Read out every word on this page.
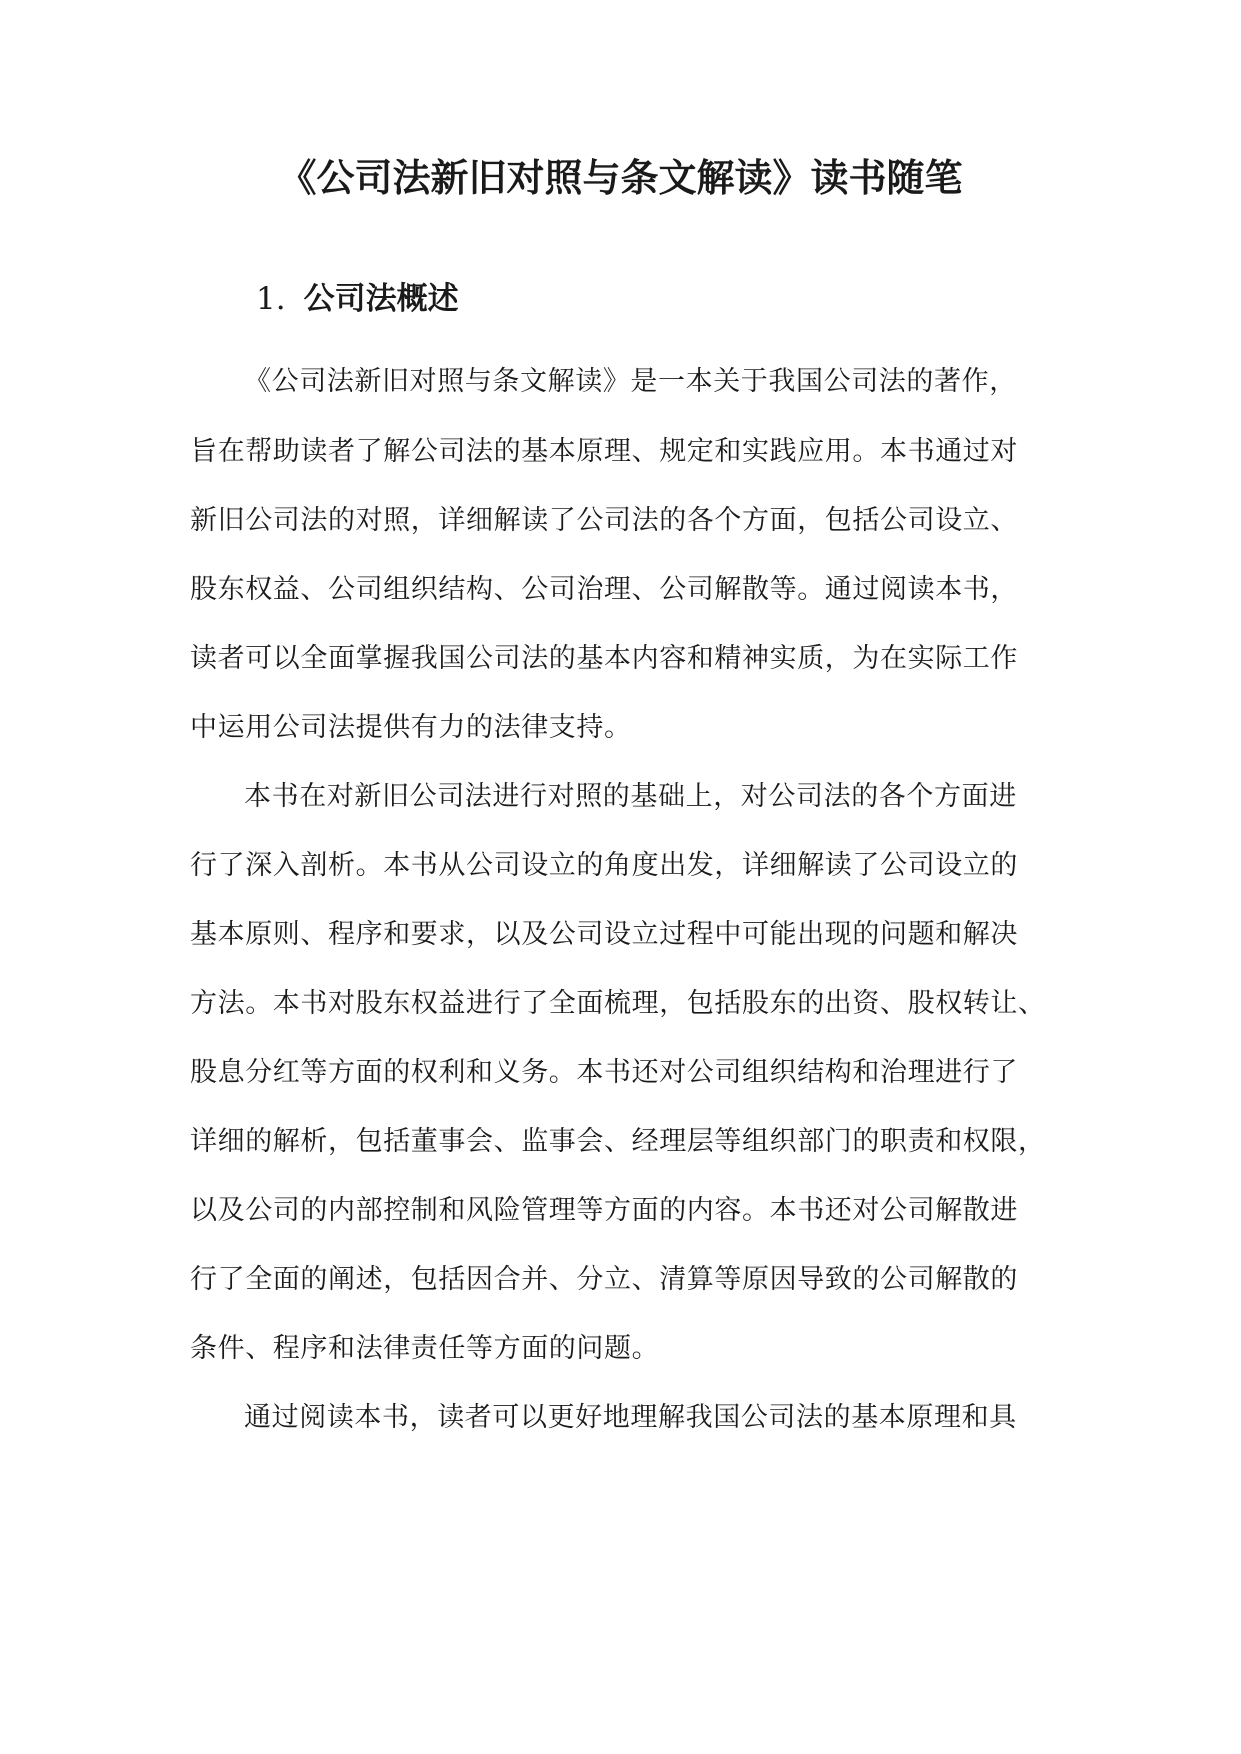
《公司法新旧对照与条文解读》读书随笔
1. 公司法概述

《公司法新旧对照与条文解读》是一本关于我国公司法的著作，

旨在帮助读者了解公司法的基本原理、规定和实践应用。本书通过对

新旧公司法的对照，详细解读了公司法的各个方面，包括公司设立、

股东权益、公司组织结构、公司治理、公司解散等。通过阅读本书，

读者可以全面掌握我国公司法的基本内容和精神实质，为在实际工作

中运用公司法提供有力的法律支持。

本书在对新旧公司法进行对照的基础上，对公司法的各个方面进

行了深入剖析。本书从公司设立的角度出发，详细解读了公司设立的

基本原则、程序和要求，以及公司设立过程中可能出现的问题和解决

方法。本书对股东权益进行了全面梳理，包括股东的出资、股权转让、

股息分红等方面的权利和义务。本书还对公司组织结构和治理进行了

详细的解析，包括董事会、监事会、经理层等组织部门的职责和权限，

以及公司的内部控制和风险管理等方面的内容。本书还对公司解散进

行了全面的阐述，包括因合并、分立、清算等原因导致的公司解散的

条件、程序和法律责任等方面的问题。

通过阅读本书，读者可以更好地理解我国公司法的基本原理和具
